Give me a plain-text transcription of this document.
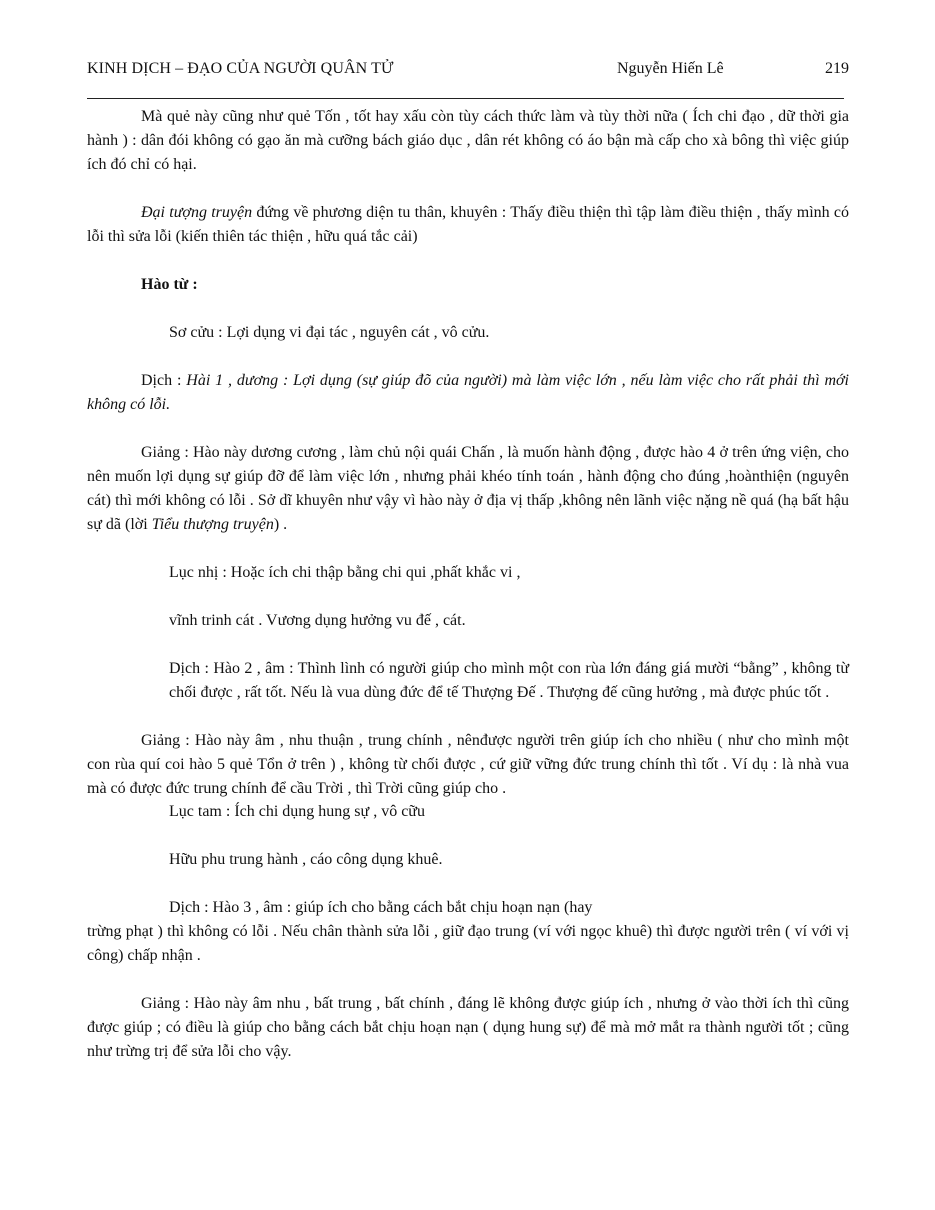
KINH DỊCH – ĐẠO CỦA NGƯỜI QUÂN TỬ	Nguyễn Hiến Lê	219

Mà quẻ này cũng như quẻ Tốn , tốt hay xấu còn tùy cách thức làm và tùy thời nữa ( Ích chi đạo , dữ thời gia hành ) : dân đói không có gạo ăn mà cưỡng bách giáo dục , dân rét không có áo bận mà cấp cho xà bông thì việc giúp ích đó chỉ có hại.

Đại tượng truyện đứng về phương diện tu thân, khuyên : Thấy điều thiện thì tập làm điều thiện , thấy mình có lỗi thì sửa lỗi (kiến thiên tác thiện , hữu quá tắc cải)

Hào từ :

Sơ cửu : Lợi dụng vi đại tác , nguyên cát , vô cửu.

Dịch : Hài 1 , dương : Lợi dụng (sự giúp đõ của người) mà làm việc lớn , nếu làm việc cho rất phải thì mới không có lỗi.

Giảng : Hào này dương cương , làm chủ nội quái Chấn , là muốn hành động , được hào 4 ở trên ứng viện, cho nên muốn lợi dụng sự giúp đỡ để làm việc lớn , nhưng phải khéo tính toán , hành động cho đúng ,hoànthiện (nguyên cát) thì mới không có lỗi . Sở dĩ khuyên như vậy vì hào này ở địa vị thấp ,không nên lãnh việc nặng nề quá (hạ bất hậu sự dã (lời Tiểu thượng truyện) .

Lục nhị : Hoặc ích chi thập bằng chi qui ,phất khắc vi ,

vĩnh trinh cát . Vương dụng hưởng vu đế , cát.

Dịch : Hào 2 , âm : Thình lình có người giúp cho mình một con rùa lớn đáng giá mười “bằng” , không từ chối được , rất tốt. Nếu là vua dùng đức để tế Thượng Đế . Thượng đế cũng hưởng , mà được phúc tốt .

Giảng : Hào này âm , nhu thuận , trung chính , nênđược người trên giúp ích cho nhiều ( như cho mình một con rùa quí coi hào 5 quẻ Tổn ở trên ) , không từ chối được , cứ giữ vững đức trung chính thì tốt . Ví dụ : là nhà vua mà có được đức trung chính để cầu Trời , thì Trời cũng giúp cho .

Lục tam : Ích chi dụng hung sự , vô cữu

Hữu phu trung hành , cáo công dụng khuê.

Dịch : Hào 3 , âm : giúp ích cho bằng cách bắt chịu hoạn nạn (hay

trừng phạt ) thì không có lỗi . Nếu chân thành sửa lỗi , giữ đạo trung (ví với ngọc khuê) thì được người trên ( ví với vị công) chấp nhận .

Giảng : Hào này âm nhu , bất trung , bất chính , đáng lẽ không được giúp ích , nhưng ở vào thời ích thì cũng được giúp ; có điều là giúp cho bằng cách bắt chịu hoạn nạn ( dụng hung sự) để mà mở mắt ra thành người tốt ; cũng như trừng trị để sửa lỗi cho vậy.
